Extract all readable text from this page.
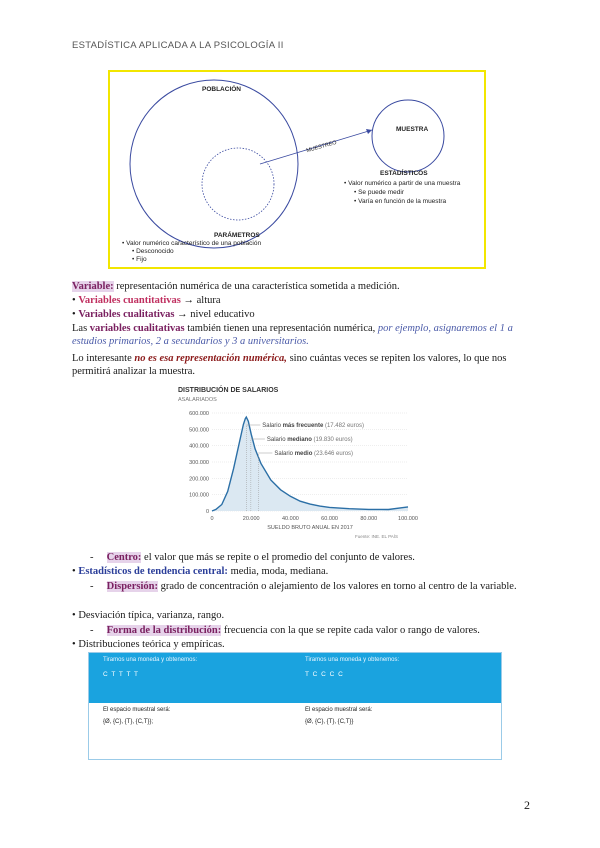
ESTADÍSTICA APLICADA A LA PSICOLOGÍA II
POBLACIÓN
MUESTRA
MUESTREO
ESTADÍSTICOS
• Valor numérico a partir de una muestra
• Se puede medir
• Varía en función de la muestra
PARÁMETROS
• Valor numérico característico de una población
• Desconocido
• Fijo
Variable: representación numérica de una característica sometida a medición.
• Variables cuantitativas → altura
• Variables cualitativas → nivel educativo
Las variables cualitativas también tienen una representación numérica, por ejemplo, asignaremos el 1 a estudios primarios, 2 a secundarios y 3 a universitarios.
Lo interesante no es esa representación numérica, sino cuántas veces se repiten los valores, lo que nos permitirá analizar la muestra.
DISTRIBUCIÓN DE SALARIOS
ASALARIADOS
600.000
500.000
400.000
300.000
200.000
100.000
0
0	20.000	40.000	60.000	80.000	100.000
SUELDO BRUTO ANUAL EN 2017
Fuente: INE. EL PAÍS
Salario más frecuente (17.482 euros)
Salario mediano (19.830 euros)
Salario medio (23.646 euros)
-     Centro: el valor que más se repite o el promedio del conjunto de valores.
• Estadísticos de tendencia central: media, moda, mediana.
-     Dispersión: grado de concentración o alejamiento de los valores en torno al centro de la variable.
• Desviación típica, varianza, rango.
-     Forma de la distribución: frecuencia con la que se repite cada valor o rango de valores.
• Distribuciones teórica y empíricas.
Tiramos una moneda y obtenemos:
C T T T T
Tiramos una moneda y obtenemos:
T C C C C
El espacio muestral será:
{Ø, {C}, {T}, {C,T}};
El espacio muestral será:
{Ø, {C}, {T}, {C,T}}
2
